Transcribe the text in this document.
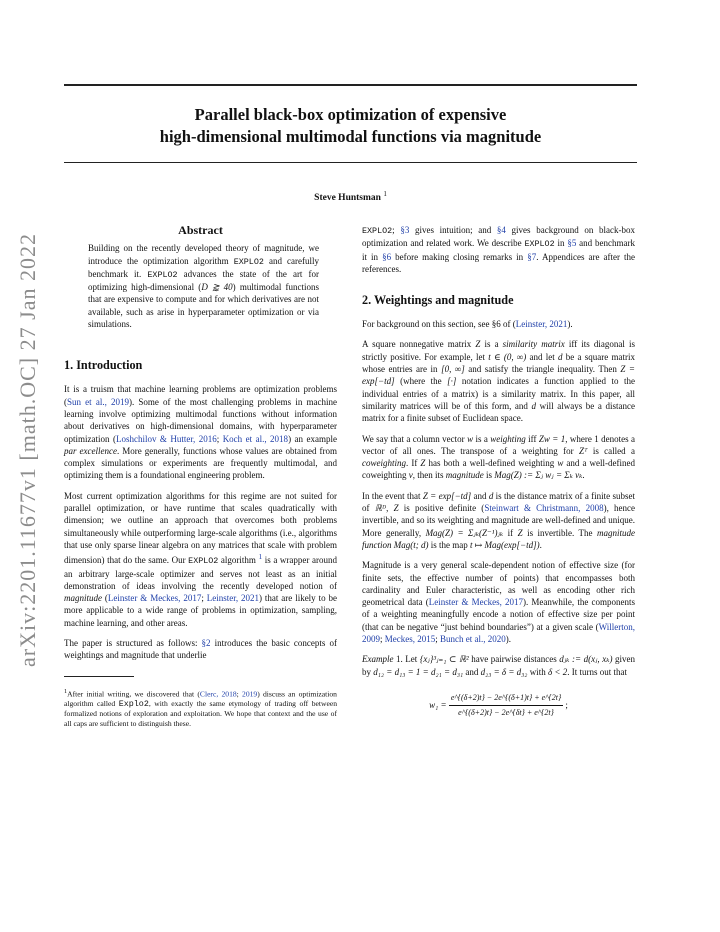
Parallel black-box optimization of expensive
high-dimensional multimodal functions via magnitude
Steve Huntsman $^1$
arXiv:2201.11677v1 [math.OC] 27 Jan 2022
Abstract

Building on the recently developed theory of magnitude, we introduce the optimization algorithm EXPLO2 and carefully benchmark it. EXPLO2 advances the state of the art for optimizing high-dimensional (D ⪆ 40) multimodal functions that are expensive to compute and for which derivatives are not available, such as arise in hyperparameter optimization or via simulations.

1. Introduction

It is a truism that machine learning problems are optimization problems (Sun et al., 2019). Some of the most challenging problems in machine learning involve optimizing multimodal functions without information about derivatives on high-dimensional domains, with hyperparameter optimization (Loshchilov & Hutter, 2016; Koch et al., 2018) an example par excellence. More generally, functions whose values are obtained from complex simulations or experiments are frequently multimodal, and optimizing them is a foundational engineering problem.

Most current optimization algorithms for this regime are not suited for parallel optimization, or have runtime that scales quadratically with dimension; we outline an approach that overcomes both problems simultaneously while outperforming large-scale algorithms (i.e., algorithms that use only sparse linear algebra on any matrices that scale with problem dimension) that do the same. Our EXPLO2 algorithm $^1$ is a wrapper around an arbitrary large-scale optimizer and serves not least as an initial demonstration of ideas involving the recently developed notion of magnitude (Leinster & Meckes, 2017; Leinster, 2021) that are likely to be more applicable to a wide range of problems in optimization, sampling, machine learning, and other areas.

The paper is structured as follows: §2 introduces the basic concepts of weightings and magnitude that underlie

$^1$After initial writing, we discovered that (Clerc, 2018; 2019) discuss an optimization algorithm called Explo2, with exactly the same etymology of trading off between formalized notions of exploration and exploitation. We hope that context and the use of all caps are sufficient to distinguish these.

EXPLO2; §3 gives intuition; and §4 gives background on black-box optimization and related work. We describe EXPLO2 in §5 and benchmark it in §6 before making closing remarks in §7. Appendices are after the references.

2. Weightings and magnitude

For background on this section, see §6 of (Leinster, 2021).

A square nonnegative matrix Z is a similarity matrix iff its diagonal is strictly positive. For example, let t ∈ (0, ∞) and let d be a square matrix whose entries are in [0, ∞] and satisfy the triangle inequality. Then Z = exp[−td] (where the [·] notation indicates a function applied to the individual entries of a matrix) is a similarity matrix. In this paper, all similarity matrices will be of this form, and d will always be a distance matrix for a finite subset of Euclidean space.

We say that a column vector w is a weighting iff Zw = 1, where 1 denotes a vector of all ones. The transpose of a weighting for Zᵀ is called a coweighting. If Z has both a well-defined weighting w and a well-defined coweighting v, then its magnitude is Mag(Z) := Σⱼ wⱼ = Σₖ vₖ.

In the event that Z = exp[−td] and d is the distance matrix of a finite subset of ℝᴰ, Z is positive definite (Steinwart & Christmann, 2008), hence invertible, and so its weighting and magnitude are well-defined and unique. More generally, Mag(Z) = Σⱼₖ(Z⁻¹)ⱼₖ if Z is invertible. The magnitude function Mag(t; d) is the map t ↦ Mag(exp[−td]).

Magnitude is a very general scale-dependent notion of effective size (for finite sets, the effective number of points) that encompasses both cardinality and Euler characteristic, as well as encoding other rich geometrical data (Leinster & Meckes, 2017). Meanwhile, the components of a weighting meaningfully encode a notion of effective size per point (that can be negative “just behind boundaries”) at a given scale (Willerton, 2009; Meckes, 2015; Bunch et al., 2020).

Example 1. Let {xⱼ}³ⱼ₌₁ ⊂ ℝ² have pairwise distances dⱼₖ := d(xⱼ, xₖ) given by d₁₂ = d₁₃ = 1 = d₂₁ = d₃₁ and d₂₃ = δ = d₃₂ with δ < 2. It turns out that

$w_1 = \frac{e\^{}\{(\delta+2)t\} - 2e\^{}\{(\delta+1)t\} + e\^{}\{2t\}}{e\^{}\{(\delta+2)t\} - 2e\^{}\{\delta t\} + e\^{}\{2t\}}$ ;
